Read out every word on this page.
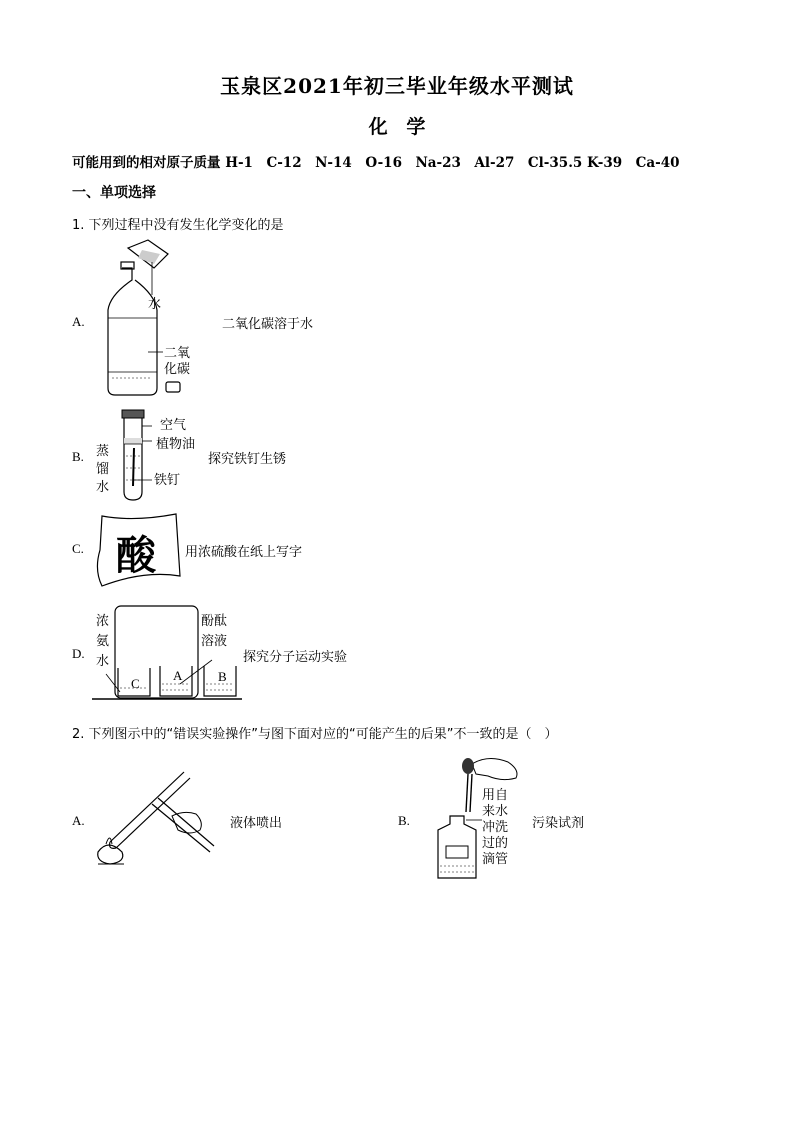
玉泉区2021年初三毕业年级水平测试
化 学
可能用到的相对原子质量 H-1　C-12　N-14　O-16　Na-23　Al-27　Cl-35.5 K-39　Ca-40
一、单项选择
1. 下列过程中没有发生化学变化的是
A.
水
二氧
化碳
二氧化碳溶于水
B.
空气
植物油
蒸
馏
水	铁钉
探究铁钉生锈
C. 酸 用浓硫酸在纸上写字
D.
浓
氨
水
酚酞
溶液
C
A	B
探究分子运动实验
2. 下列图示中的“错误实验操作”与图下面对应的“可能产生的后果”不一致的是（　）
A.	液体喷出	B.
用自
来水
冲洗
过的
滴管
污染试剂
